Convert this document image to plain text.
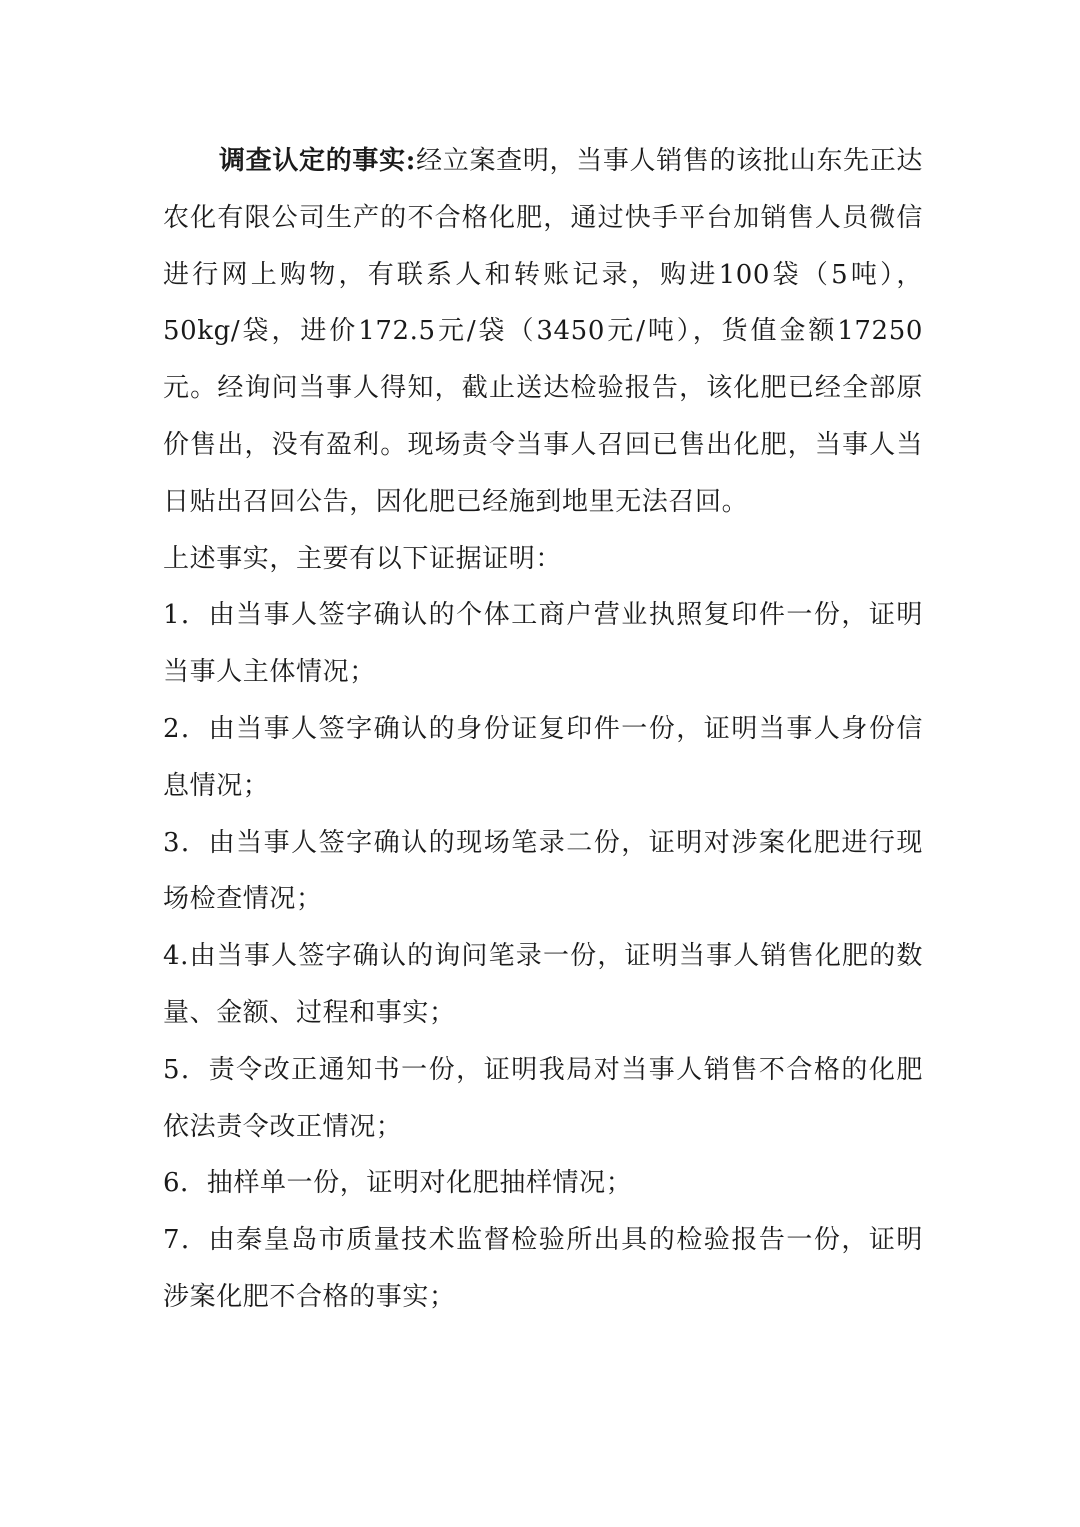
调查认定的事实:经立案查明，当事人销售的该批山东先正达农化有限公司生产的不合格化肥，通过快手平台加销售人员微信进行网上购物，有联系人和转账记录，购进100袋（5吨），50kg/袋，进价172.5元/袋（3450元/吨），货值金额17250元。经询问当事人得知，截止送达检验报告，该化肥已经全部原价售出，没有盈利。现场责令当事人召回已售出化肥，当事人当日贴出召回公告，因化肥已经施到地里无法召回。

上述事实，主要有以下证据证明：

1．由当事人签字确认的个体工商户营业执照复印件一份，证明当事人主体情况；

2．由当事人签字确认的身份证复印件一份，证明当事人身份信息情况；

3．由当事人签字确认的现场笔录二份，证明对涉案化肥进行现场检查情况；

4.由当事人签字确认的询问笔录一份，证明当事人销售化肥的数量、金额、过程和事实；

5．责令改正通知书一份，证明我局对当事人销售不合格的化肥依法责令改正情况；

6．抽样单一份，证明对化肥抽样情况；

7．由秦皇岛市质量技术监督检验所出具的检验报告一份，证明涉案化肥不合格的事实；
